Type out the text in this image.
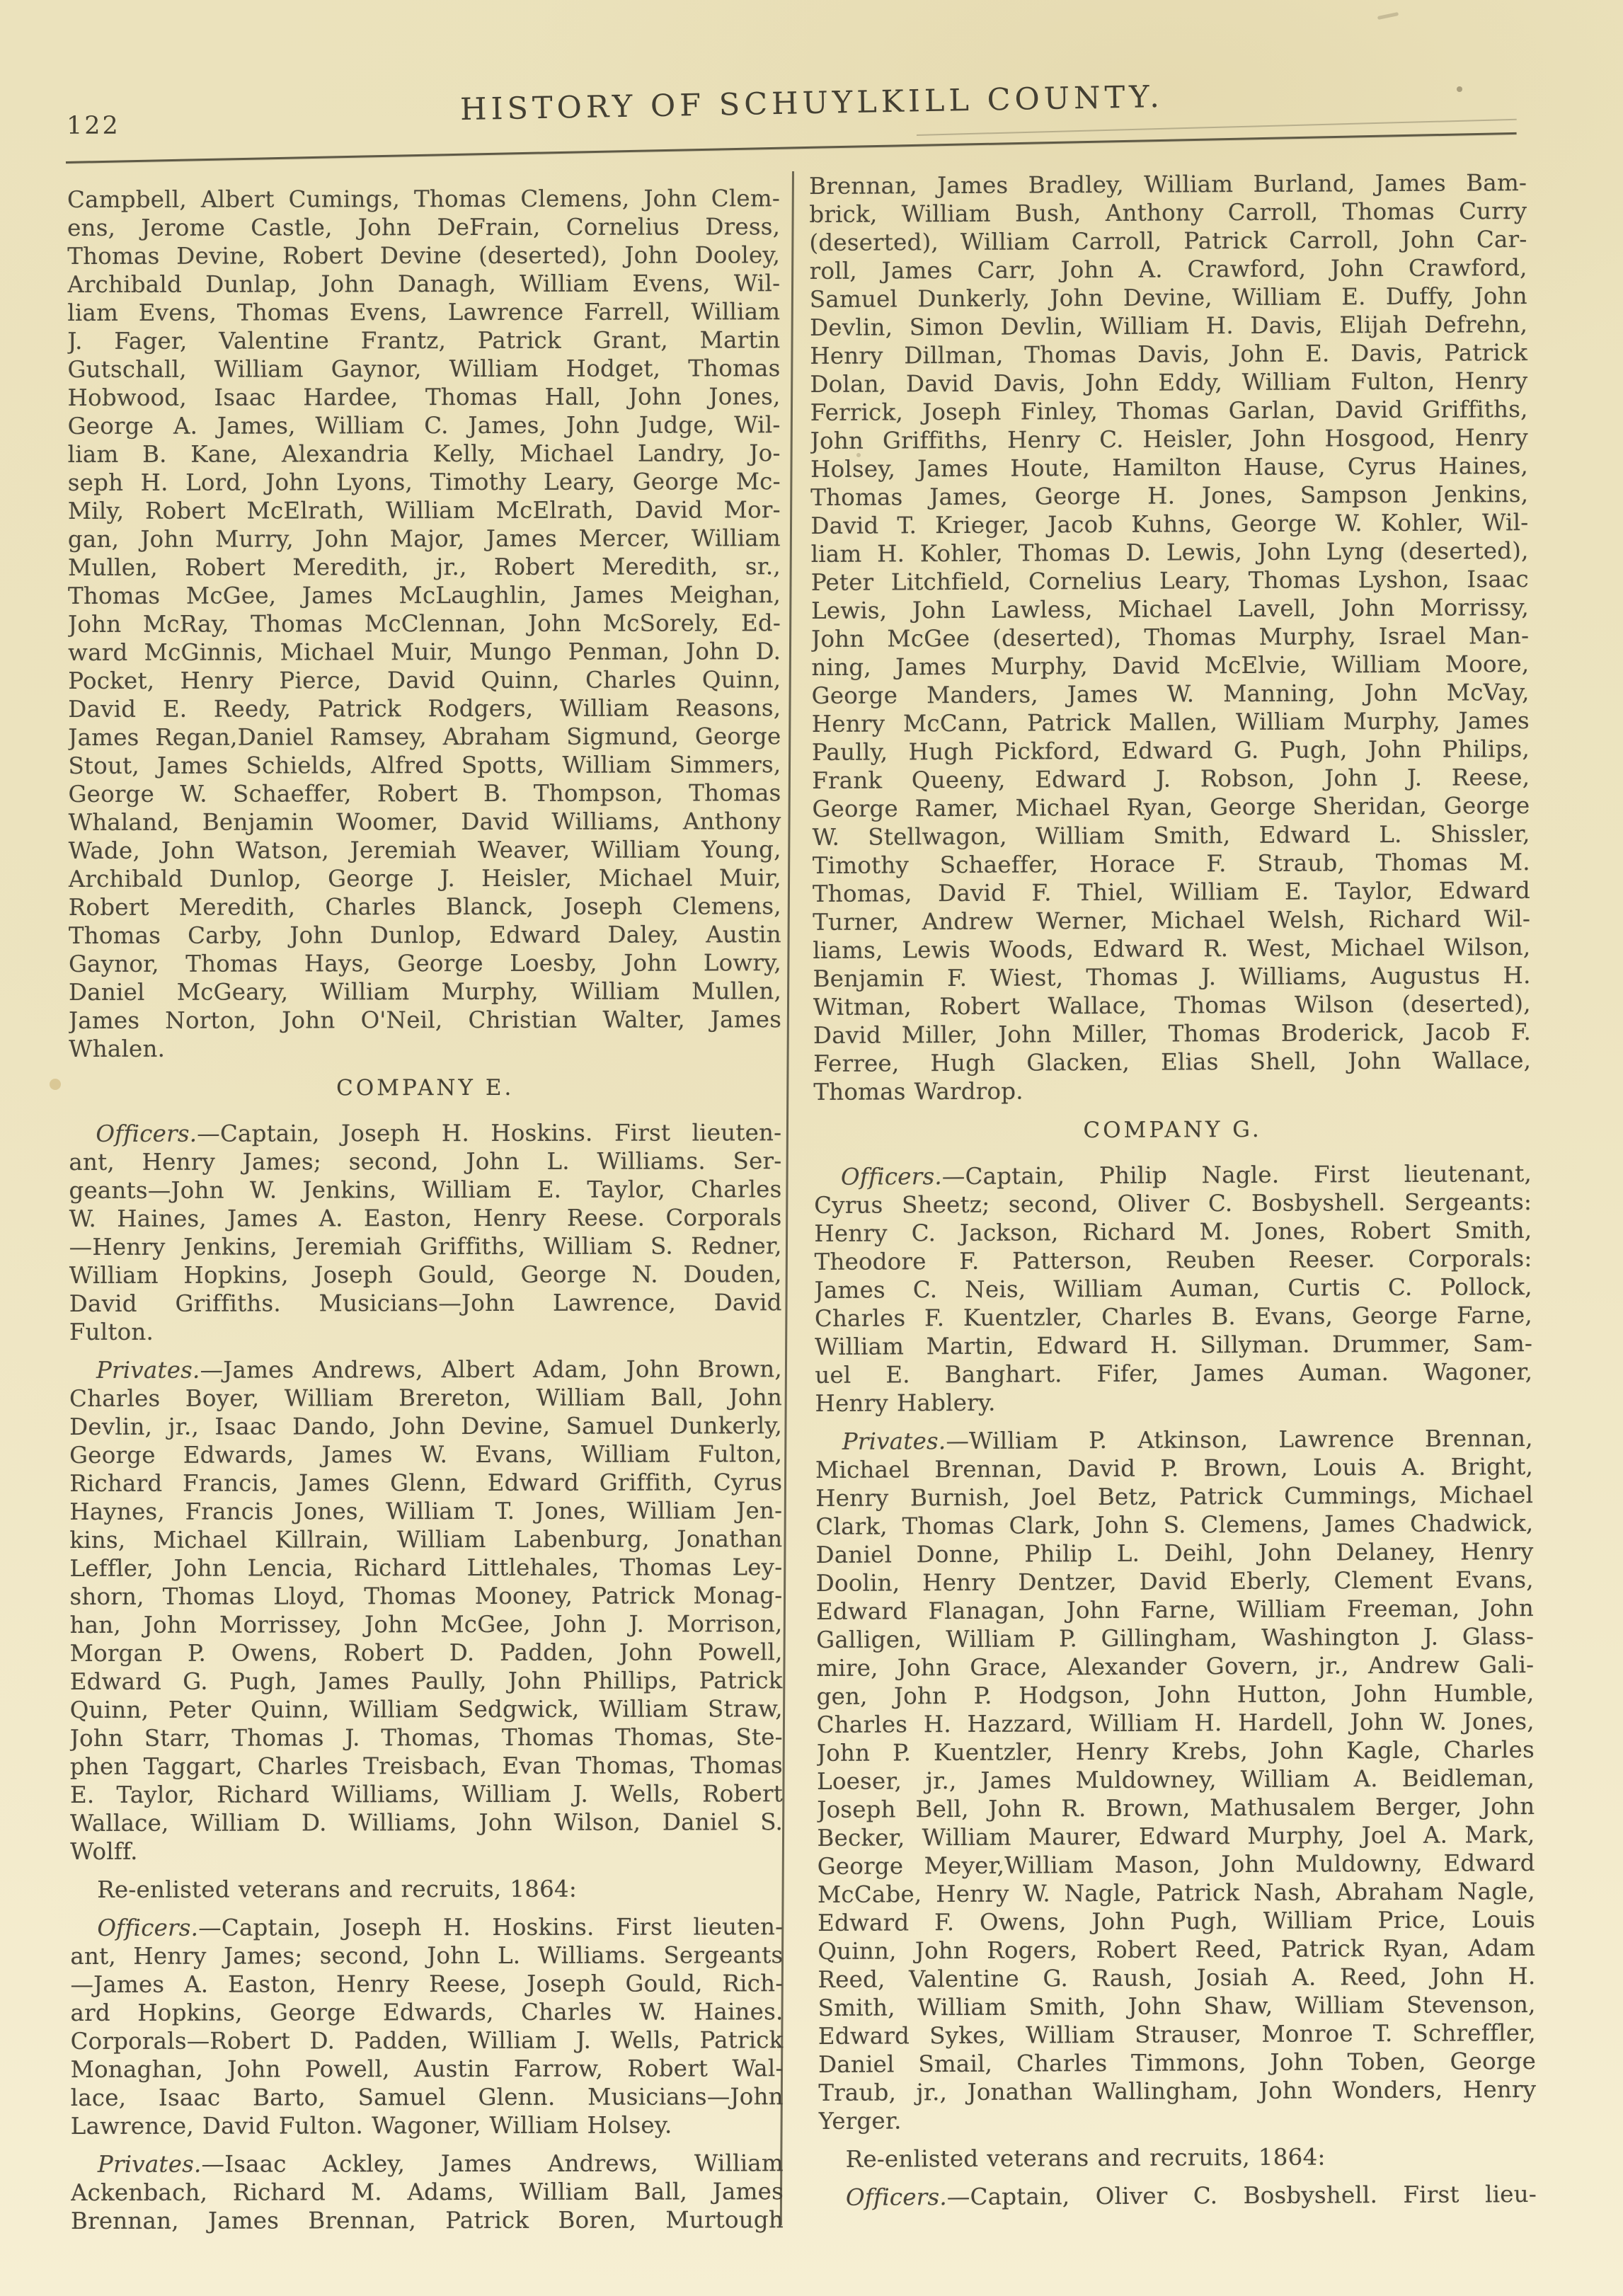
122	HISTORY OF SCHUYLKILL COUNTY.
Campbell, Albert Cumings, Thomas Clemens, John Clem-
ens, Jerome Castle, John DeFrain, Cornelius Dress,
Thomas Devine, Robert Devine (deserted), John Dooley,
Archibald Dunlap, John Danagh, William Evens, Wil-
liam Evens, Thomas Evens, Lawrence Farrell, William
J. Fager, Valentine Frantz, Patrick Grant, Martin
Gutschall, William Gaynor, William Hodget, Thomas
Hobwood, Isaac Hardee, Thomas Hall, John Jones,
George A. James, William C. James, John Judge, Wil-
liam B. Kane, Alexandria Kelly, Michael Landry, Jo-
seph H. Lord, John Lyons, Timothy Leary, George Mc-
Mily, Robert McElrath, William McElrath, David Mor-
gan, John Murry, John Major, James Mercer, William
Mullen, Robert Meredith, jr., Robert Meredith, sr.,
Thomas McGee, James McLaughlin, James Meighan,
John McRay, Thomas McClennan, John McSorely, Ed-
ward McGinnis, Michael Muir, Mungo Penman, John D.
Pocket, Henry Pierce, David Quinn, Charles Quinn,
David E. Reedy, Patrick Rodgers, William Reasons,
James Regan,Daniel Ramsey, Abraham Sigmund, George
Stout, James Schields, Alfred Spotts, William Simmers,
George W. Schaeffer, Robert B. Thompson, Thomas
Whaland, Benjamin Woomer, David Williams, Anthony
Wade, John Watson, Jeremiah Weaver, William Young,
Archibald Dunlop, George J. Heisler, Michael Muir,
Robert Meredith, Charles Blanck, Joseph Clemens,
Thomas Carby, John Dunlop, Edward Daley, Austin
Gaynor, Thomas Hays, George Loesby, John Lowry,
Daniel McGeary, William Murphy, William Mullen,
James Norton, John O'Neil, Christian Walter, James
Whalen.
COMPANY E.
Officers.—Captain, Joseph H. Hoskins. First lieuten-
ant, Henry James; second, John L. Williams. Ser-
geants—John W. Jenkins, William E. Taylor, Charles
W. Haines, James A. Easton, Henry Reese. Corporals
—Henry Jenkins, Jeremiah Griffiths, William S. Redner,
William Hopkins, Joseph Gould, George N. Douden,
David Griffiths. Musicians—John Lawrence, David
Fulton.
Privates.—James Andrews, Albert Adam, John Brown,
Charles Boyer, William Brereton, William Ball, John
Devlin, jr., Isaac Dando, John Devine, Samuel Dunkerly,
George Edwards, James W. Evans, William Fulton,
Richard Francis, James Glenn, Edward Griffith, Cyrus
Haynes, Francis Jones, William T. Jones, William Jen-
kins, Michael Killrain, William Labenburg, Jonathan
Leffler, John Lencia, Richard Littlehales, Thomas Ley-
shorn, Thomas Lloyd, Thomas Mooney, Patrick Monag-
han, John Morrissey, John McGee, John J. Morrison,
Morgan P. Owens, Robert D. Padden, John Powell,
Edward G. Pugh, James Paully, John Phillips, Patrick
Quinn, Peter Quinn, William Sedgwick, William Straw,
John Starr, Thomas J. Thomas, Thomas Thomas, Ste-
phen Taggart, Charles Treisbach, Evan Thomas, Thomas
E. Taylor, Richard Williams, William J. Wells, Robert
Wallace, William D. Williams, John Wilson, Daniel S.
Wolff.
Re-enlisted veterans and recruits, 1864:
Officers.—Captain, Joseph H. Hoskins. First lieuten-
ant, Henry James; second, John L. Williams. Sergeants
—James A. Easton, Henry Reese, Joseph Gould, Rich-
ard Hopkins, George Edwards, Charles W. Haines.
Corporals—Robert D. Padden, William J. Wells, Patrick
Monaghan, John Powell, Austin Farrow, Robert Wal-
lace, Isaac Barto, Samuel Glenn. Musicians—John
Lawrence, David Fulton. Wagoner, William Holsey.
Privates.—Isaac Ackley, James Andrews, William
Ackenbach, Richard M. Adams, William Ball, James
Brennan, James Brennan, Patrick Boren, Murtough
Brennan, James Bradley, William Burland, James Bam-
brick, William Bush, Anthony Carroll, Thomas Curry
(deserted), William Carroll, Patrick Carroll, John Car-
roll, James Carr, John A. Crawford, John Crawford,
Samuel Dunkerly, John Devine, William E. Duffy, John
Devlin, Simon Devlin, William H. Davis, Elijah Defrehn,
Henry Dillman, Thomas Davis, John E. Davis, Patrick
Dolan, David Davis, John Eddy, William Fulton, Henry
Ferrick, Joseph Finley, Thomas Garlan, David Griffiths,
John Griffiths, Henry C. Heisler, John Hosgood, Henry
Holsey, James Houte, Hamilton Hause, Cyrus Haines,
Thomas James, George H. Jones, Sampson Jenkins,
David T. Krieger, Jacob Kuhns, George W. Kohler, Wil-
liam H. Kohler, Thomas D. Lewis, John Lyng (deserted),
Peter Litchfield, Cornelius Leary, Thomas Lyshon, Isaac
Lewis, John Lawless, Michael Lavell, John Morrissy,
John McGee (deserted), Thomas Murphy, Israel Man-
ning, James Murphy, David McElvie, William Moore,
George Manders, James W. Manning, John McVay,
Henry McCann, Patrick Mallen, William Murphy, James
Paully, Hugh Pickford, Edward G. Pugh, John Philips,
Frank Queeny, Edward J. Robson, John J. Reese,
George Ramer, Michael Ryan, George Sheridan, George
W. Stellwagon, William Smith, Edward L. Shissler,
Timothy Schaeffer, Horace F. Straub, Thomas M.
Thomas, David F. Thiel, William E. Taylor, Edward
Turner, Andrew Werner, Michael Welsh, Richard Wil-
liams, Lewis Woods, Edward R. West, Michael Wilson,
Benjamin F. Wiest, Thomas J. Williams, Augustus H.
Witman, Robert Wallace, Thomas Wilson (deserted),
David Miller, John Miller, Thomas Broderick, Jacob F.
Ferree, Hugh Glacken, Elias Shell, John Wallace,
Thomas Wardrop.
COMPANY G.
Officers.—Captain, Philip Nagle. First lieutenant,
Cyrus Sheetz; second, Oliver C. Bosbyshell. Sergeants:
Henry C. Jackson, Richard M. Jones, Robert Smith,
Theodore F. Patterson, Reuben Reeser. Corporals:
James C. Neis, William Auman, Curtis C. Pollock,
Charles F. Kuentzler, Charles B. Evans, George Farne,
William Martin, Edward H. Sillyman. Drummer, Sam-
uel E. Banghart. Fifer, James Auman. Wagoner,
Henry Hablery.
Privates.—William P. Atkinson, Lawrence Brennan,
Michael Brennan, David P. Brown, Louis A. Bright,
Henry Burnish, Joel Betz, Patrick Cummings, Michael
Clark, Thomas Clark, John S. Clemens, James Chadwick,
Daniel Donne, Philip L. Deihl, John Delaney, Henry
Doolin, Henry Dentzer, David Eberly, Clement Evans,
Edward Flanagan, John Farne, William Freeman, John
Galligen, William P. Gillingham, Washington J. Glass-
mire, John Grace, Alexander Govern, jr., Andrew Gali-
gen, John P. Hodgson, John Hutton, John Humble,
Charles H. Hazzard, William H. Hardell, John W. Jones,
John P. Kuentzler, Henry Krebs, John Kagle, Charles
Loeser, jr., James Muldowney, William A. Beidleman,
Joseph Bell, John R. Brown, Mathusalem Berger, John
Becker, William Maurer, Edward Murphy, Joel A. Mark,
George Meyer,William Mason, John Muldowny, Edward
McCabe, Henry W. Nagle, Patrick Nash, Abraham Nagle,
Edward F. Owens, John Pugh, William Price, Louis
Quinn, John Rogers, Robert Reed, Patrick Ryan, Adam
Reed, Valentine G. Raush, Josiah A. Reed, John H.
Smith, William Smith, John Shaw, William Stevenson,
Edward Sykes, William Strauser, Monroe T. Schreffler,
Daniel Smail, Charles Timmons, John Toben, George
Traub, jr., Jonathan Wallingham, John Wonders, Henry
Yerger.
Re-enlisted veterans and recruits, 1864:
Officers.—Captain, Oliver C. Bosbyshell. First lieu-
